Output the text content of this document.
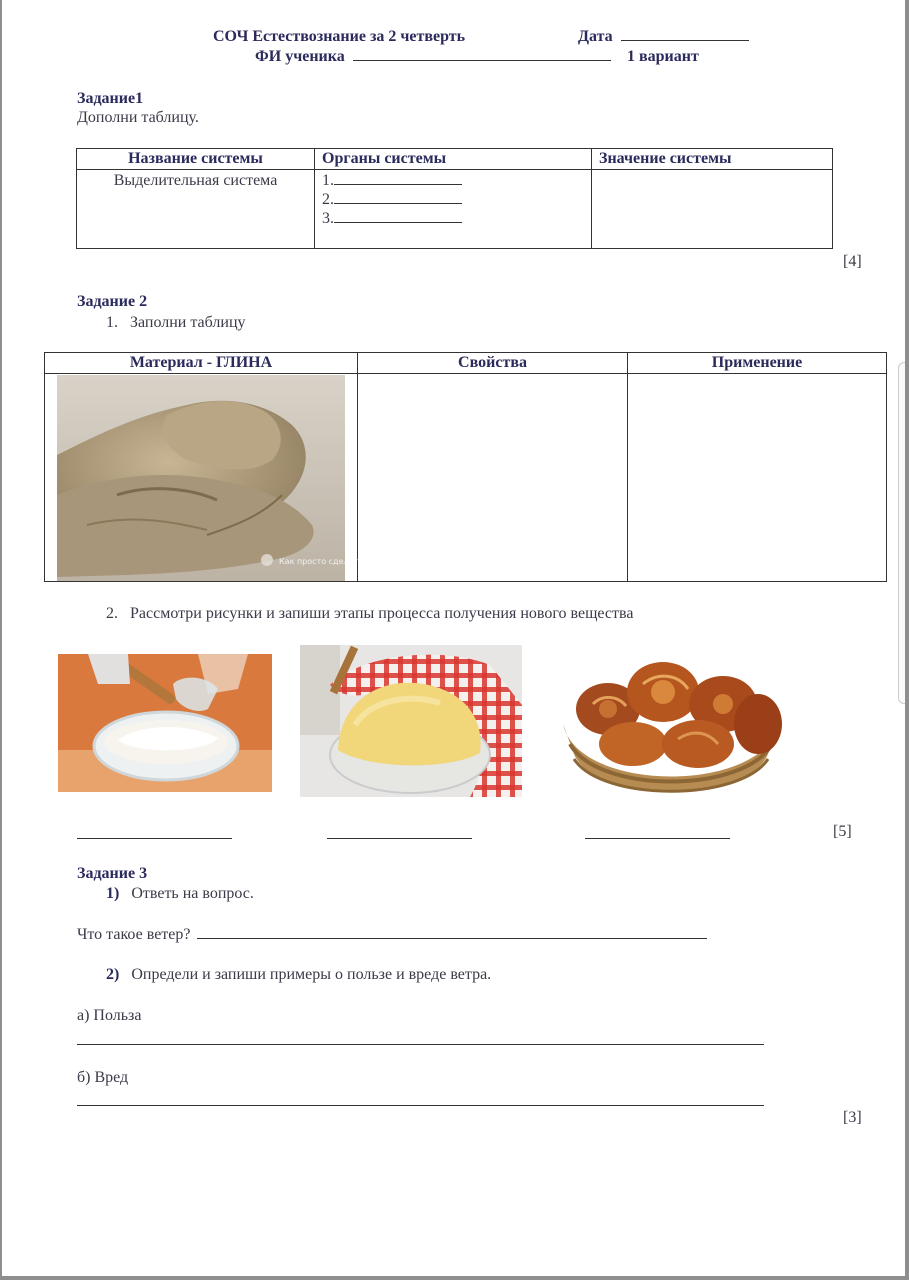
СОЧ Естествознание за 2 четверть	Дата
ФИ ученика	1 вариант
Задание1
Дополни таблицу.
Название системы	Органы системы	Значение системы
Выделительная система	1.
2.
3.	

[4]
Задание 2
1. Заполни таблицу
Материал - ГЛИНА	Свойства	Применение

Как просто сделать		

2. Рассмотри рисунки и запиши этапы процесса получения нового вещества
[5]
Задание 3
1) Ответь на вопрос.
Что такое ветер?
2) Определи и запиши примеры о пользе и вреде ветра.
а) Польза
б) Вред
[3]
